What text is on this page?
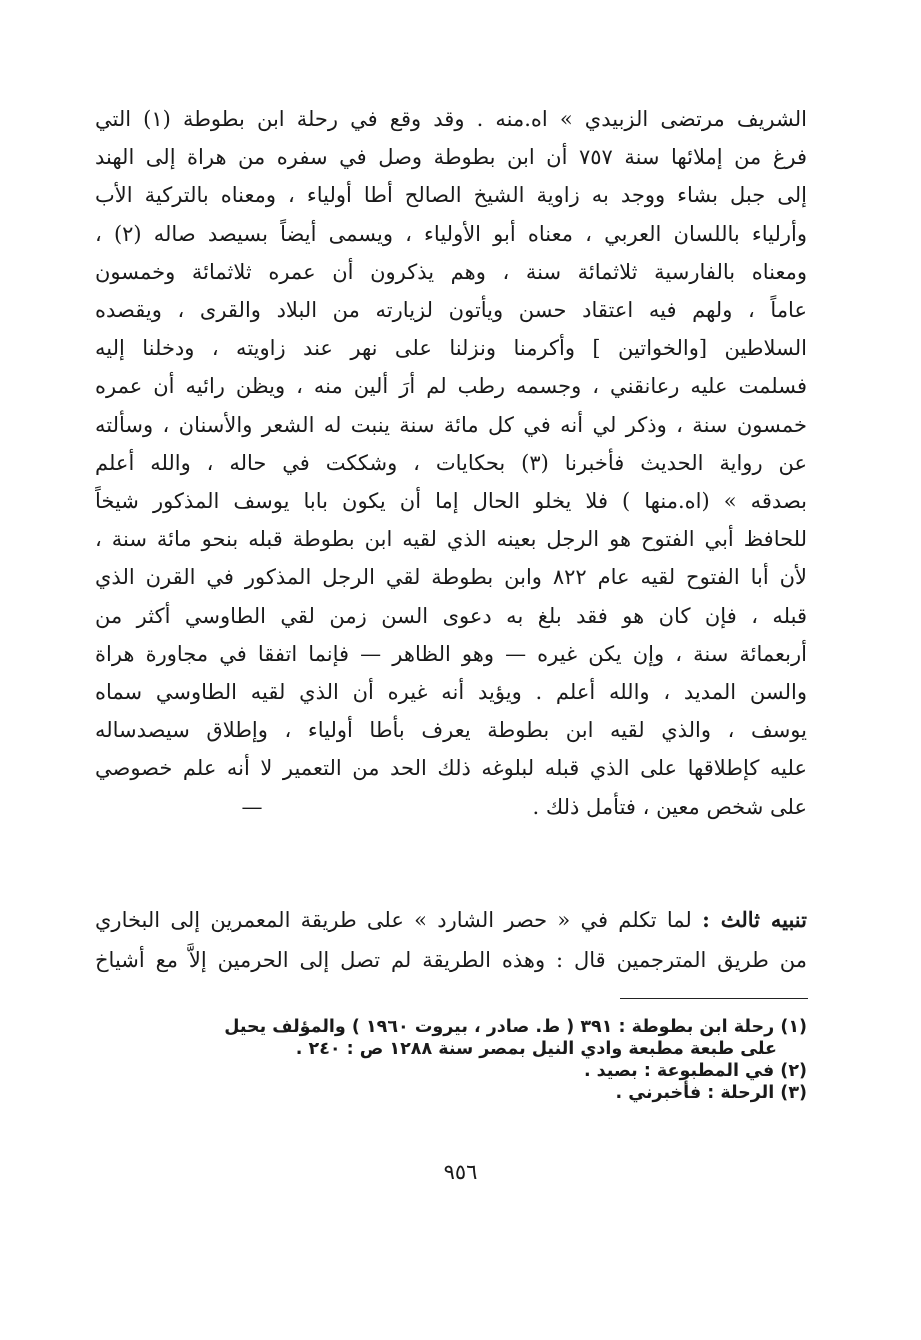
الشريف مرتضى الزبيدي » اه.منه . وقد وقع في رحلة ابن بطوطة (١) التي
فرغ من إملائها سنة ٧٥٧ أن ابن بطوطة وصل في سفره من هراة إلى الهند
إلى جبل بشاء ووجد به زاوية الشيخ الصالح أطا أولياء ، ومعناه بالتركية الأب
وأرلياء باللسان العربي ، معناه أبو الأولياء ، ويسمى أيضاً بسيصد صاله (٢) ،
ومعناه بالفارسية ثلاثمائة سنة ، وهم يذكرون أن عمره ثلاثمائة وخمسون
عاماً ، ولهم فيه اعتقاد حسن ويأتون لزيارته من البلاد والقرى ، ويقصده
السلاطين [والخواتين ] وأكرمنا ونزلنا على نهر عند زاويته ، ودخلنا إليه
فسلمت عليه رعانقني ، وجسمه رطب لم أرَ ألين منه ، ويظن رائيه أن عمره
خمسون سنة ، وذكر لي أنه في كل مائة سنة ينبت له الشعر والأسنان ، وسألته
عن رواية الحديث فأخبرنا (٣) بحكايات ، وشككت في حاله ، والله أعلم
بصدقه » (اه.منها ) فلا يخلو الحال إما أن يكون بابا يوسف المذكور شيخاً
للحافظ أبي الفتوح هو الرجل بعينه الذي لقيه ابن بطوطة قبله بنحو مائة سنة ،
لأن أبا الفتوح لقيه عام ٨٢٢ وابن بطوطة لقي الرجل المذكور في القرن الذي
قبله ، فإن كان هو فقد بلغ به دعوى السن زمن لقي الطاوسي أكثر من
أربعمائة سنة ، وإن يكن غيره — وهو الظاهر — فإنما اتفقا في مجاورة هراة
والسن المديد ، والله أعلم . ويؤيد أنه غيره أن الذي لقيه الطاوسي سماه
يوسف ، والذي لقيه ابن بطوطة يعرف بأطا أولياء ، وإطلاق سيصدساله
عليه كإطلاقها على الذي قبله لبلوغه ذلك الحد من التعمير لا أنه علم خصوصي
على شخص معين ، فتأمل ذلك .—
تنبيه ثالث : لما تكلم في « حصر الشارد » على طريقة المعمرين إلى البخاري
من طريق المترجمين قال : وهذه الطريقة لم تصل إلى الحرمين إلاَّ مع أشياخ
(١) رحلة ابن بطوطة : ٣٩١ ( ط. صادر ، بيروت ١٩٦٠ ) والمؤلف يحيل
على طبعة مطبعة وادي النيل بمصر سنة ١٢٨٨ ص : ٢٤٠ .
(٢) في المطبوعة : بصيد .
(٣) الرحلة : فأخبرني .
٩٥٦
